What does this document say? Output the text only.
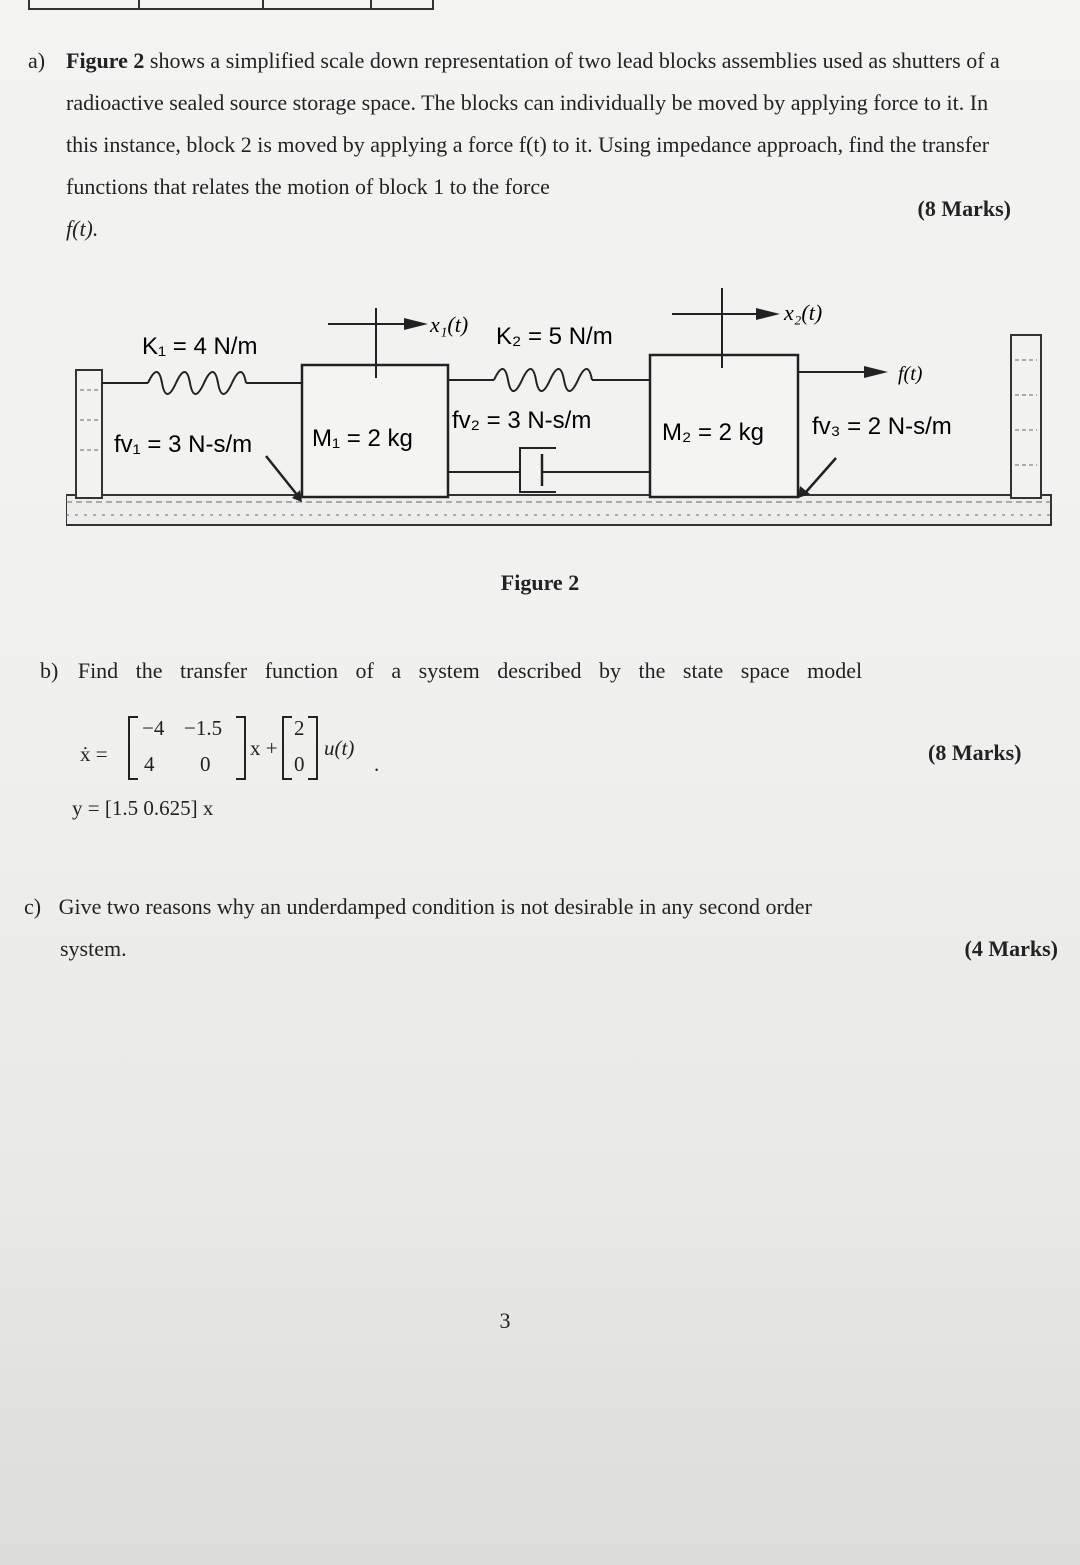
a) Figure 2 shows a simplified scale down representation of two lead blocks assemblies used as shutters of a radioactive sealed source storage space. The blocks can individually be moved by applying force to it. In this instance, block 2 is moved by applying a force f(t) to it. Using impedance approach, find the transfer functions that relates the motion of block 1 to the force
f(t).
(8 Marks)
K₁ = 4 N/m
fv₁ = 3 N-s/m M₁ = 2 kg
x₁(t) K₂ = 5 N/m
fv₂ = 3 N-s/m	M₂ = 2 kg
x₂(t)
f(t)
fv₃ = 2 N-s/m
Figure 2
b) Find the transfer function of a system described by the state space model
ẋ =
−4 −1.5
4 0
x +
2
0
u(t)
.
y = [1.5 0.625] x
(8 Marks)
c) Give two reasons why an underdamped condition is not desirable in any second order
system.	(4 Marks)
3
